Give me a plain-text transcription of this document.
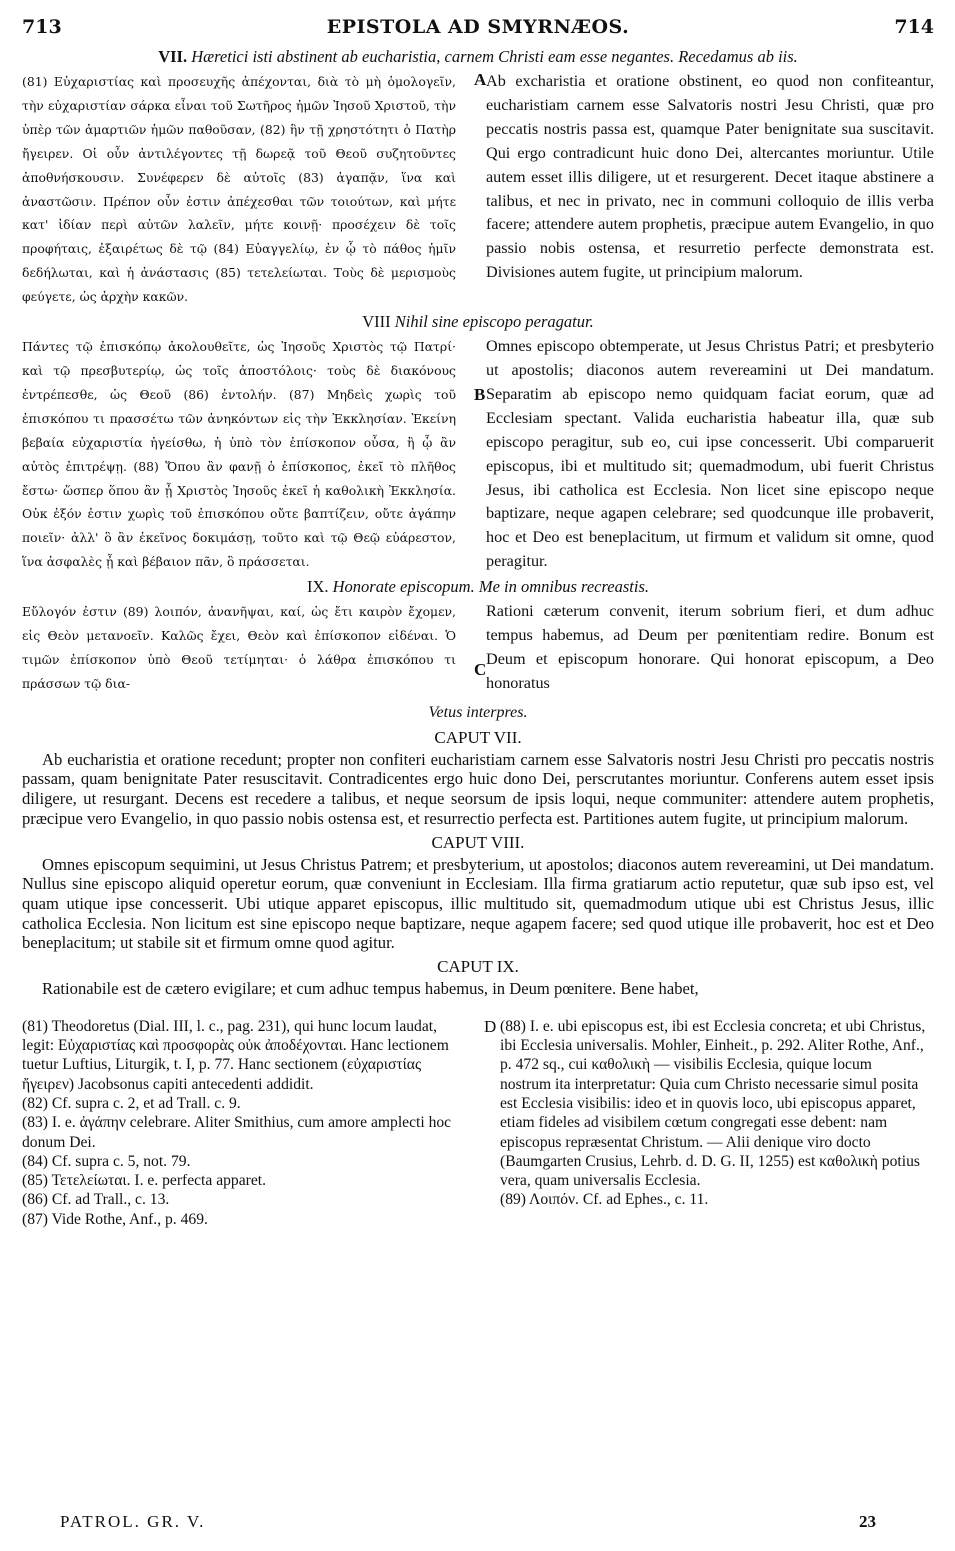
713	EPISTOLA AD SMYRNÆOS.	714
VII. Hæretici isti abstinent ab eucharistia, carnem Christi eam esse negantes. Recedamus ab iis.
(81) Εὐχαριστίας καὶ προσευχῆς ἀπέχονται, διὰ τὸ μὴ ὁμολογεῖν, τὴν εὐχαριστίαν σάρκα εἶναι τοῦ Σωτῆρος ἡμῶν Ἰησοῦ Χριστοῦ, τὴν ὑπὲρ τῶν ἁμαρτιῶν ἡμῶν παθοῦσαν, (82) ἣν τῇ χρηστότητι ὁ Πατὴρ ἤγειρεν. Οἱ οὖν ἀντιλέγοντες τῇ δωρεᾷ τοῦ Θεοῦ συζητοῦντες ἀποθνήσκουσιν. Συνέφερεν δὲ αὐτοῖς (83) ἀγαπᾷν, ἵνα καὶ ἀναστῶσιν. Πρέπον οὖν ἐστιν ἀπέχεσθαι τῶν τοιούτων, καὶ μήτε κατ' ἰδίαν περὶ αὐτῶν λαλεῖν, μήτε κοινῇ· προσέχειν δὲ τοῖς προφήταις, ἐξαιρέτως δὲ τῷ (84) Εὐαγγελίῳ, ἐν ᾧ τὸ πάθος ἡμῖν δεδήλωται, καὶ ἡ ἀνάστασις (85) τετελείωται. Τοὺς δὲ μερισμοὺς φεύγετε, ὡς ἀρχὴν κακῶν.
A Ab excharistia et oratione obstinent, eo quod non confiteantur, eucharistiam carnem esse Salvatoris nostri Jesu Christi, quæ pro peccatis nostris passa est, quamque Pater benignitate sua suscitavit. Qui ergo contradicunt huic dono Dei, altercantes moriuntur. Utile autem esset illis diligere, ut et resurgerent. Decet itaque abstinere a talibus, et nec in privato, nec in communi colloquio de illis verba facere; attendere autem prophetis, præcipue autem Evangelio, in quo passio nobis ostensa, et resurretio perfecte demonstrata est. Divisiones autem fugite, ut principium malorum.
VIII Nihil sine episcopo peragatur.
Πάντες τῷ ἐπισκόπῳ ἀκολουθεῖτε, ὡς Ἰησοῦς Χριστὸς τῷ Πατρί· καὶ τῷ πρεσβυτερίῳ, ὡς τοῖς ἀποστόλοις· τοὺς δὲ διακόνους ἐντρέπεσθε, ὡς Θεοῦ (86) ἐντολήν. (87) Μηδεὶς χωρὶς τοῦ ἐπισκόπου τι πρασσέτω τῶν ἀνηκόντων εἰς τὴν Ἐκκλησίαν. Ἐκείνη βεβαία εὐχαριστία ἡγείσθω, ἡ ὑπὸ τὸν ἐπίσκοπον οὖσα, ἢ ᾧ ἂν αὐτὸς ἐπιτρέψῃ. (88) Ὅπου ἂν φανῇ ὁ ἐπίσκοπος, ἐκεῖ τὸ πλῆθος ἔστω· ὥσπερ ὅπου ἂν ᾖ Χριστὸς Ἰησοῦς ἐκεῖ ἡ καθολικὴ Ἐκκλησία. Οὐκ ἐξόν ἐστιν χωρὶς τοῦ ἐπισκόπου οὔτε βαπτίζειν, οὔτε ἀγάπην ποιεῖν· ἀλλ' ὃ ἂν ἐκεῖνος δοκιμάσῃ, τοῦτο καὶ τῷ Θεῷ εὐάρεστον, ἵνα ἀσφαλὲς ᾖ καὶ βέβαιον πᾶν, ὃ πράσσεται.
B
Omnes episcopo obtemperate, ut Jesus Christus Patri; et presbyterio ut apostolis; diaconos autem revereamini ut Dei mandatum. Separatim ab episcopo nemo quidquam faciat eorum, quæ ad Ecclesiam spectant. Valida eucharistia habeatur illa, quæ sub episcopo peragitur, sub eo, cui ipse concesserit. Ubi comparuerit episcopus, ibi et multitudo sit; quemadmodum, ubi fuerit Christus Jesus, ibi catholica est Ecclesia. Non licet sine episcopo neque baptizare, neque agapen celebrare; sed quodcunque ille probaverit, hoc et Deo est beneplacitum, ut firmum et validum sit omne, quod peragitur.
IX. Honorate episcopum. Me in omnibus recreastis.
Εὔλογόν ἐστιν (89) λοιπόν, ἀνανῆψαι, καί, ὡς ἔτι καιρὸν ἔχομεν, εἰς Θεὸν μετανοεῖν. Καλῶς ἔχει, Θεὸν καὶ ἐπίσκοπον εἰδέναι. Ὁ τιμῶν ἐπίσκοπον ὑπὸ Θεοῦ τετίμηται· ὁ λάθρα ἐπισκόπου τι πράσσων τῷ δια-
C
Rationi cæterum convenit, iterum sobrium fieri, et dum adhuc tempus habemus, ad Deum per pœnitentiam redire. Bonum est Deum et episcopum honorare. Qui honorat episcopum, a Deo honoratus
Vetus interpres.
CAPUT VII.

Ab eucharistia et oratione recedunt; propter non confiteri eucharistiam carnem esse Salvatoris nostri Jesu Christi pro peccatis nostris passam, quam benignitate Pater resuscitavit. Contradicentes ergo huic dono Dei, perscrutantes moriuntur. Conferens autem esset ipsis diligere, ut resurgant. Decens est recedere a talibus, et neque seorsum de ipsis loqui, neque communiter: attendere autem prophetis, præcipue vero Evangelio, in quo passio nobis ostensa est, et resurrectio perfecta est. Partitiones autem fugite, ut principium malorum.

CAPUT VIII.

Omnes episcopum sequimini, ut Jesus Christus Patrem; et presbyterium, ut apostolos; diaconos autem revereamini, ut Dei mandatum. Nullus sine episcopo aliquid operetur eorum, quæ conveniunt in Ecclesiam. Illa firma gratiarum actio reputetur, quæ sub ipso est, vel quam utique ipse concesserit. Ubi utique apparet episcopus, illic multitudo sit, quemadmodum utique ubi est Christus Jesus, illic catholica Ecclesia. Non licitum est sine episcopo neque baptizare, neque agapem facere; sed quod utique ille probaverit, hoc est et Deo beneplacitum; ut stabile sit et firmum omne quod agitur.

CAPUT IX.

Rationabile est de cætero evigilare; et cum adhuc tempus habemus, in Deum pœnitere. Bene habet,

(81) Theodoretus (Dial. III, l. c., pag. 231), qui hunc locum laudat, legit: Εὐχαριστίας καὶ προσφορὰς οὐκ ἀποδέχονται. Hanc lectionem tuetur Luftius, Liturgik, t. I, p. 77. Hanc sectionem (εὐχαριστίας ἤγειρεν) Jacobsonus capiti antecedenti addidit.

(82) Cf. supra c. 2, et ad Trall. c. 9.

(83) I. e. ἀγάπην celebrare. Aliter Smithius, cum amore amplecti hoc donum Dei.

(84) Cf. supra c. 5, not. 79.

(85) Τετελείωται. I. e. perfecta apparet.

(86) Cf. ad Trall., c. 13.

(87) Vide Rothe, Anf., p. 469.

D (88) I. e. ubi episcopus est, ibi est Ecclesia concreta; et ubi Christus, ibi Ecclesia universalis. Mohler, Einheit., p. 292. Aliter Rothe, Anf., p. 472 sq., cui καθολικὴ — visibilis Ecclesia, quique locum nostrum ita interpretatur: Quia cum Christo necessarie simul posita est Ecclesia visibilis: ideo et in quovis loco, ubi episcopus apparet, etiam fideles ad visibilem cœtum congregati esse debent: nam episcopus repræsentat Christum. — Alii denique viro docto (Baumgarten Crusius, Lehrb. d. D. G. II, 1255) est καθολικὴ potius vera, quam universalis Ecclesia.

(89) Λοιπόν. Cf. ad Ephes., c. 11.

PATROL. GR. V.	23
